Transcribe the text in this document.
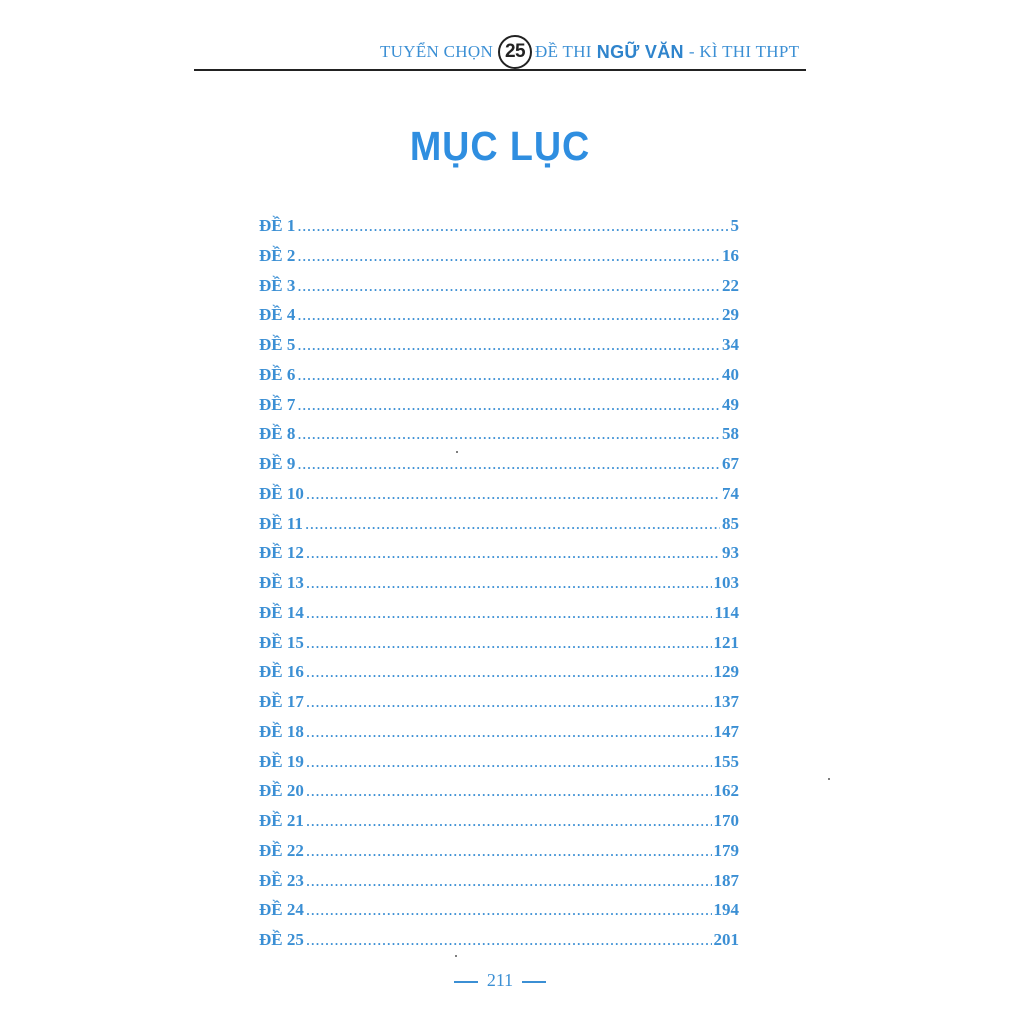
TUYỂN CHỌN 25 ĐỀ THI NGỮ VĂN - KÌ THI THPT
MỤC LỤC
ĐỀ 1 .....	5
ĐỀ 2 .....	16
ĐỀ 3 .....	22
ĐỀ 4 .....	29
ĐỀ 5 .....	34
ĐỀ 6 .....	40
ĐỀ 7 .....	49
ĐỀ 8 .....	58
ĐỀ 9 .....	67
ĐỀ 10 .....	74
ĐỀ 11 .....	85
ĐỀ 12 .....	93
ĐỀ 13 .....	103
ĐỀ 14 .....	114
ĐỀ 15 .....	121
ĐỀ 16 .....	129
ĐỀ 17 .....	137
ĐỀ 18 .....	147
ĐỀ 19 .....	155
ĐỀ 20 .....	162
ĐỀ 21 .....	170
ĐỀ 22 .....	179
ĐỀ 23 .....	187
ĐỀ 24 .....	194
ĐỀ 25 .....	201
211
